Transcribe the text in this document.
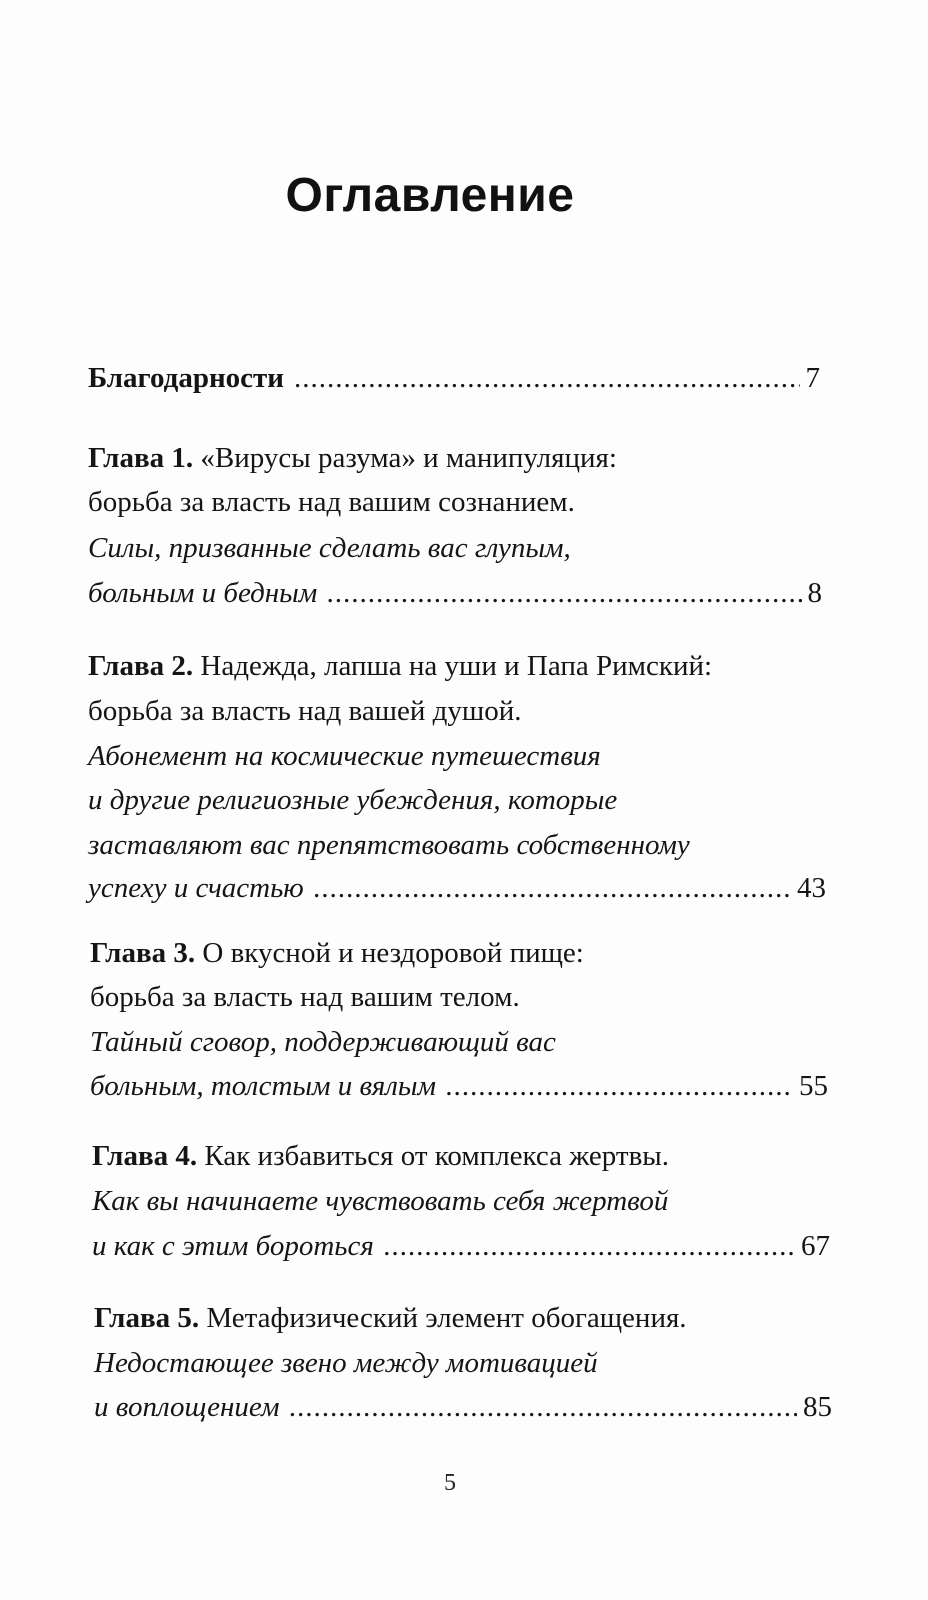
Оглавление
Благодарности .....	7
Глава 1. «Вирусы разума» и манипуляция:
борьба за власть над вашим сознанием.
Силы, призванные сделать вас глупым,
больным и бедным .....	8
Глава 2. Надежда, лапша на уши и Папа Римский:
борьба за власть над вашей душой.
Абонемент на космические путешествия
и другие религиозные убеждения, которые
заставляют вас препятствовать собственному
успеху и счастью .....	43
Глава 3. О вкусной и нездоровой пище:
борьба за власть над вашим телом.
Тайный сговор, поддерживающий вас
больным, толстым и вялым .....	55
Глава 4. Как избавиться от комплекса жертвы.
Как вы начинаете чувствовать себя жертвой
и как с этим бороться .....	67
Глава 5. Метафизический элемент обогащения.
Недостающее звено между мотивацией
и воплощением .....	85
5
